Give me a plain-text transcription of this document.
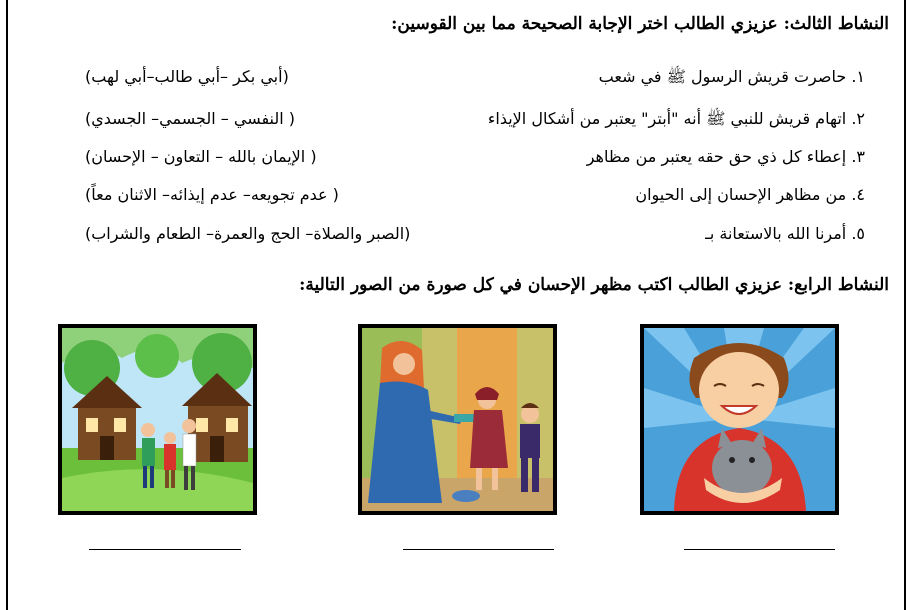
النشاط الثالث: عزيزي الطالب اختر الإجابة الصحيحة مما بين القوسين:
١. حاصرت قريش الرسول ﷺ في شعب
(أبي بكر –أبي طالب–أبي لهب)
٢. اتهام قريش للنبي ﷺ أنه "أبتر" يعتبر من أشكال الإيذاء
( النفسي – الجسمي– الجسدي)
٣. إعطاء كل ذي حق حقه يعتبر من مظاهر
( الإيمان بالله – التعاون – الإحسان)
٤. من مظاهر الإحسان إلى الحيوان
( عدم تجويعه– عدم إيذائه– الاثنان معاً)
٥. أمرنا الله بالاستعانة بـ
(الصبر والصلاة– الحج والعمرة– الطعام والشراب)
النشاط الرابع: عزيزي الطالب اكتب مظهر الإحسان في كل صورة من الصور التالية:
